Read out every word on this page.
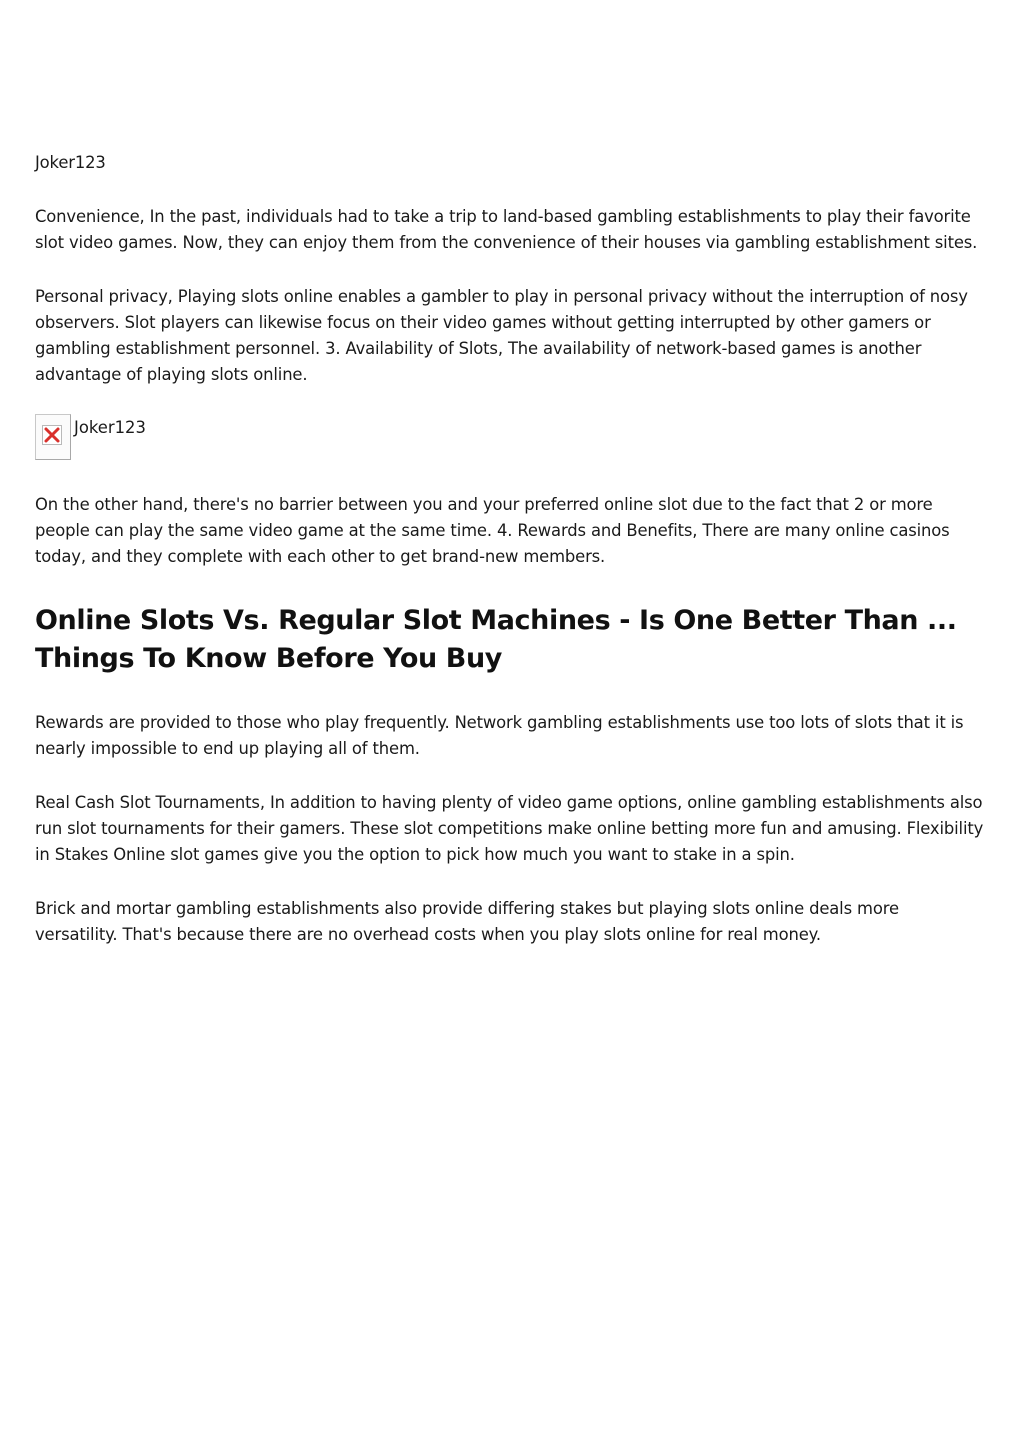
Joker123

Convenience, In the past, individuals had to take a trip to land-based gambling establishments to play their favorite slot video games. Now, they can enjoy them from the convenience of their houses via gambling establishment sites.

Personal privacy, Playing slots online enables a gambler to play in personal privacy without the interruption of nosy observers. Slot players can likewise focus on their video games without getting interrupted by other gamers or gambling establishment personnel. 3. Availability of Slots, The availability of network-based games is another advantage of playing slots online.

Joker123

On the other hand, there's no barrier between you and your preferred online slot due to the fact that 2 or more people can play the same video game at the same time. 4. Rewards and Benefits, There are many online casinos today, and they complete with each other to get brand-new members.

Online Slots Vs. Regular Slot Machines - Is One Better Than ... Things To Know Before You Buy

Rewards are provided to those who play frequently. Network gambling establishments use too lots of slots that it is nearly impossible to end up playing all of them.

Real Cash Slot Tournaments, In addition to having plenty of video game options, online gambling establishments also run slot tournaments for their gamers. These slot competitions make online betting more fun and amusing. Flexibility in Stakes Online slot games give you the option to pick how much you want to stake in a spin.

Brick and mortar gambling establishments also provide differing stakes but playing slots online deals more versatility. That's because there are no overhead costs when you play slots online for real money.
